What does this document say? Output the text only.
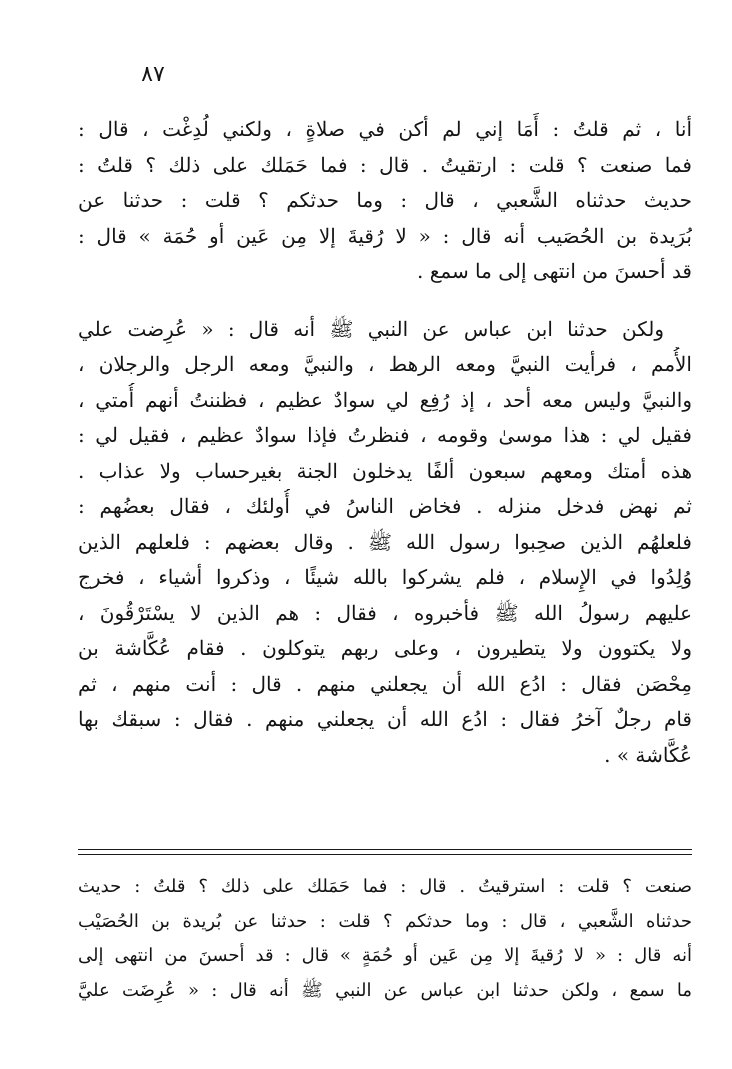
٨٧
أنا ، ثم قلتُ : أَمَا إني لم أكن في صلاةٍ ، ولكني لُدِغْت ، قال :
فما صنعت ؟ قلت : ارتقيتُ . قال : فما حَمَلك على ذلك ؟ قلتُ :
حديث حدثناه الشَّعبي ، قال : وما حدثكم ؟ قلت : حدثنا عن
بُرَيدة بن الحُصَيب أنه قال : « لا رُقيةَ إلا مِن عَين أو حُمَة » قال :
قد أحسنَ من انتهى إلى ما سمع .
ولكن حدثنا ابن عباس عن النبي ﷺ أنه قال : « عُرِضت علي
الأُمم ، فرأيت النبيَّ ومعه الرهط ، والنبيَّ ومعه الرجل والرجلان ،
والنبيَّ وليس معه أحد ، إذ رُفِع لي سوادٌ عظيم ، فظننتُ أنهم أُمتي ،
فقيل لي : هذا موسىٰ وقومه ، فنظرتُ فإذا سوادٌ عظيم ، فقيل لي :
هذه أمتك ومعهم سبعون ألفًا يدخلون الجنة بغيرحساب ولا عذاب .
ثم نهض فدخل منزله . فخاض الناسُ في أُولئك ، فقال بعضُهم :
فلعلهُم الذين صحِبوا رسول الله ﷺ . وقال بعضهم : فلعلهم الذين
وُلِدُوا في الإِسلام ، فلم يشركوا بالله شيئًا ، وذكروا أشياء ، فخرج
عليهم رسولُ الله ﷺ فأخبروه ، فقال : هم الذين لا يسْتَرْقُونَ ،
ولا يكتوون ولا يتطيرون ، وعلى ربهم يتوكلون . فقام عُكَّاشة بن
مِحْصَن فقال : ادُع الله أن يجعلني منهم . قال : أنت منهم ، ثم
قام رجلٌ آخرُ فقال : ادُع الله أن يجعلني منهم . فقال : سبقك بها
عُكَّاشة » .
صنعت ؟ قلت : استرقيتُ . قال : فما حَمَلك على ذلك ؟ قلتُ : حديث
حدثناه الشَّعبي ، قال : وما حدثكم ؟ قلت : حدثنا عن بُريدة بن الحُصَيْب
أنه قال : « لا رُقيةَ إلا مِن عَين أو حُمَةٍ » قال : قد أحسنَ من انتهى إلى
ما سمع ، ولكن حدثنا ابن عباس عن النبي ﷺ أنه قال : « عُرِضَت عليَّ
